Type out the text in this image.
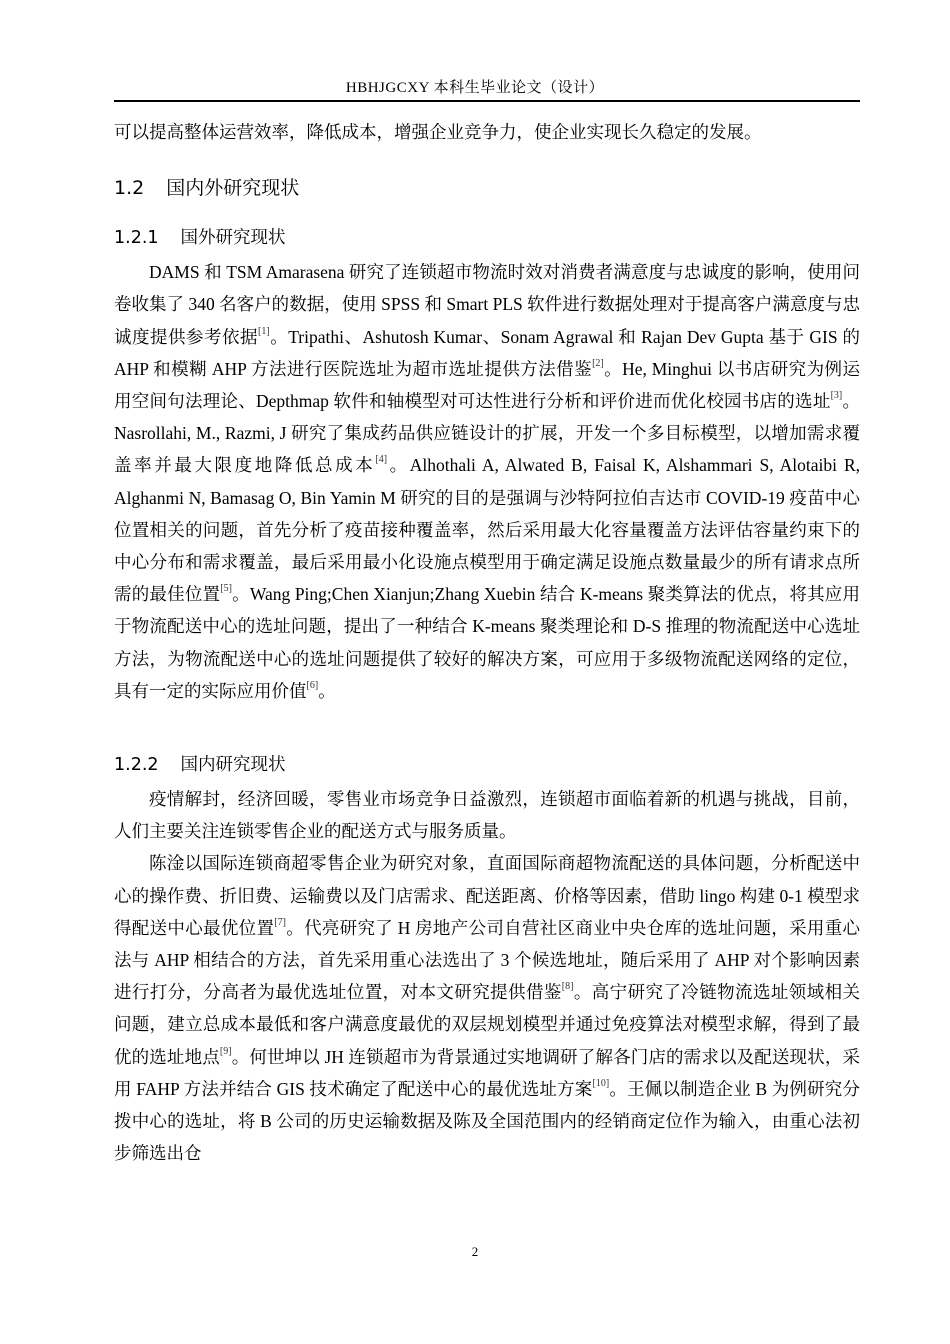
HBHJGCXY 本科生毕业论文（设计）

可以提高整体运营效率，降低成本，增强企业竞争力，使企业实现长久稳定的发展。

1.2 国内外研究现状
1.2.1 国外研究现状

DAMS 和 TSM Amarasena 研究了连锁超市物流时效对消费者满意度与忠诚度的影响，使用问卷收集了 340 名客户的数据，使用 SPSS 和 Smart PLS 软件进行数据处理对于提高客户满意度与忠诚度提供参考依据[1]。Tripathi、Ashutosh Kumar、Sonam Agrawal 和 Rajan Dev Gupta 基于 GIS 的 AHP 和模糊 AHP 方法进行医院选址为超市选址提供方法借鉴[2]。He, Minghui 以书店研究为例运用空间句法理论、Depthmap 软件和轴模型对可达性进行分析和评价进而优化校园书店的选址[3]。Nasrollahi, M., Razmi, J 研究了集成药品供应链设计的扩展，开发一个多目标模型，以增加需求覆盖率并最大限度地降低总成本[4]。Alhothali A, Alwated B, Faisal K, Alshammari S, Alotaibi R, Alghanmi N, Bamasag O, Bin Yamin M 研究的目的是强调与沙特阿拉伯吉达市 COVID-19 疫苗中心位置相关的问题，首先分析了疫苗接种覆盖率，然后采用最大化容量覆盖方法评估容量约束下的中心分布和需求覆盖，最后采用最小化设施点模型用于确定满足设施点数量最少的所有请求点所需的最佳位置[5]。Wang Ping;Chen Xianjun;Zhang Xuebin 结合 K-means 聚类算法的优点，将其应用于物流配送中心的选址问题，提出了一种结合 K-means 聚类理论和 D-S 推理的物流配送中心选址方法，为物流配送中心的选址问题提供了较好的解决方案，可应用于多级物流配送网络的定位，具有一定的实际应用价值[6]。

1.2.2 国内研究现状

疫情解封，经济回暖，零售业市场竞争日益激烈，连锁超市面临着新的机遇与挑战，目前，人们主要关注连锁零售企业的配送方式与服务质量。

陈淦以国际连锁商超零售企业为研究对象，直面国际商超物流配送的具体问题，分析配送中心的操作费、折旧费、运输费以及门店需求、配送距离、价格等因素，借助 lingo 构建 0-1 模型求得配送中心最优位置[7]。代亮研究了 H 房地产公司自营社区商业中央仓库的选址问题，采用重心法与 AHP 相结合的方法，首先采用重心法选出了 3 个候选地址，随后采用了 AHP 对个影响因素进行打分，分高者为最优选址位置，对本文研究提供借鉴[8]。高宁研究了冷链物流选址领域相关问题，建立总成本最低和客户满意度最优的双层规划模型并通过免疫算法对模型求解，得到了最优的选址地点[9]。何世坤以 JH 连锁超市为背景通过实地调研了解各门店的需求以及配送现状，采用 FAHP 方法并结合 GIS 技术确定了配送中心的最优选址方案[10]。王佩以制造企业 B 为例研究分拨中心的选址，将 B 公司的历史运输数据及陈及全国范围内的经销商定位作为输入，由重心法初步筛选出仓

2
